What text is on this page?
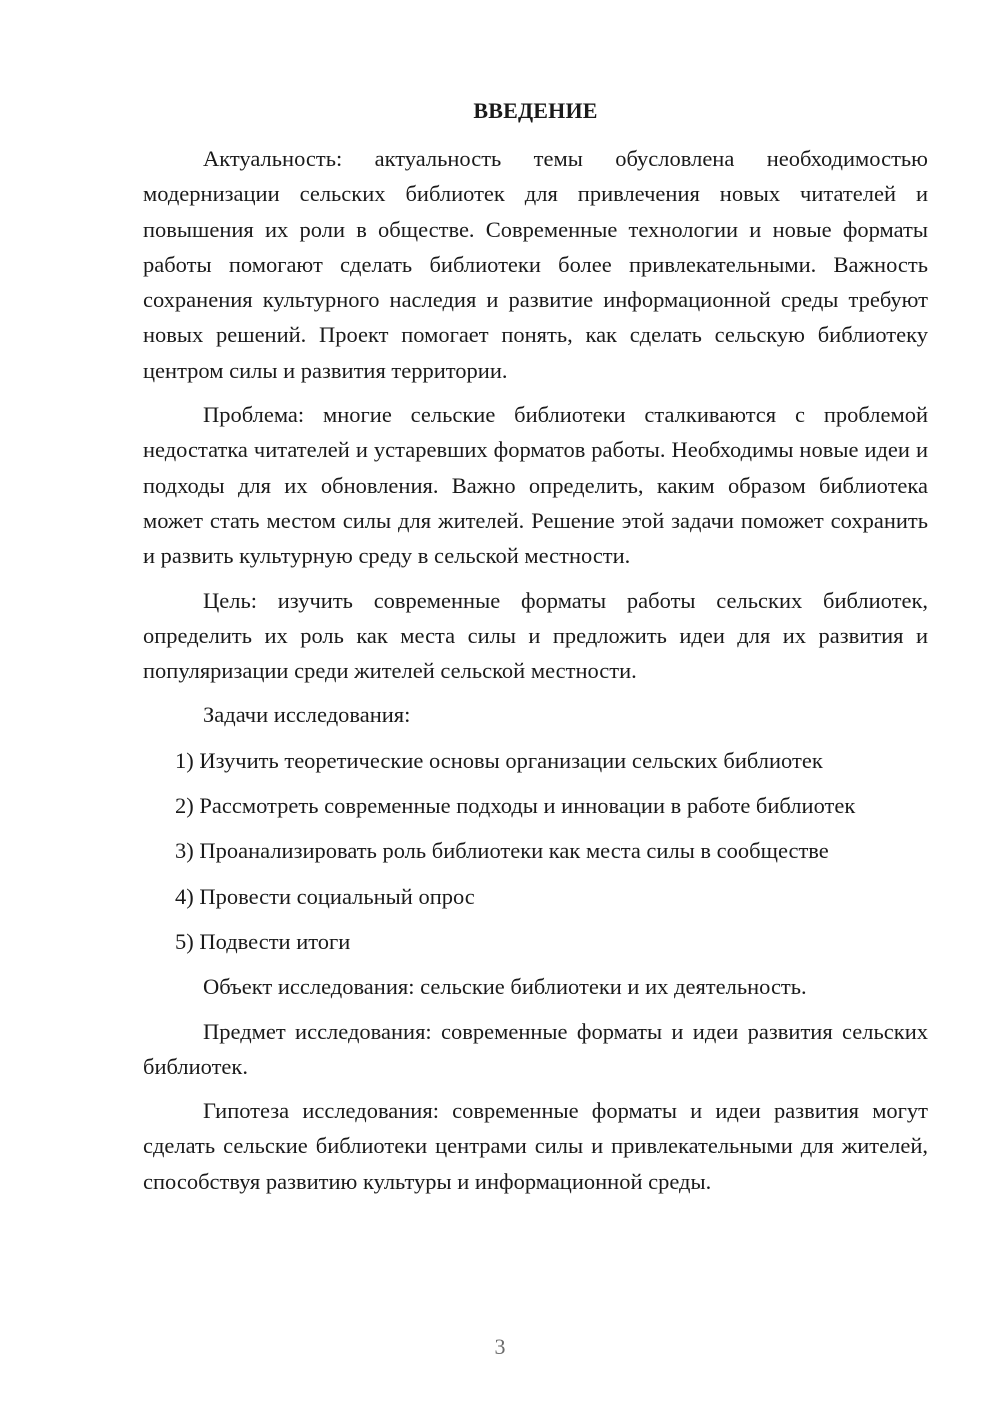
ВВЕДЕНИЕ

Актуальность: актуальность темы обусловлена необходимостью модернизации сельских библиотек для привлечения новых читателей и повышения их роли в обществе. Современные технологии и новые форматы работы помогают сделать библиотеки более привлекательными. Важность сохранения культурного наследия и развитие информационной среды требуют новых решений. Проект помогает понять, как сделать сельскую библиотеку центром силы и развития территории.

Проблема: многие сельские библиотеки сталкиваются с проблемой недостатка читателей и устаревших форматов работы. Необходимы новые идеи и подходы для их обновления. Важно определить, каким образом библиотека может стать местом силы для жителей. Решение этой задачи поможет сохранить и развить культурную среду в сельской местности.

Цель: изучить современные форматы работы сельских библиотек, определить их роль как места силы и предложить идеи для их развития и популяризации среди жителей сельской местности.

Задачи исследования:

1) Изучить теоретические основы организации сельских библиотек
2) Рассмотреть современные подходы и инновации в работе библиотек
3) Проанализировать роль библиотеки как места силы в сообществе
4) Провести социальный опрос
5) Подвести итоги

Объект исследования: сельские библиотеки и их деятельность.

Предмет исследования: современные форматы и идеи развития сельских библиотек.

Гипотеза исследования: современные форматы и идеи развития могут сделать сельские библиотеки центрами силы и привлекательными для жителей, способствуя развитию культуры и информационной среды.

3
